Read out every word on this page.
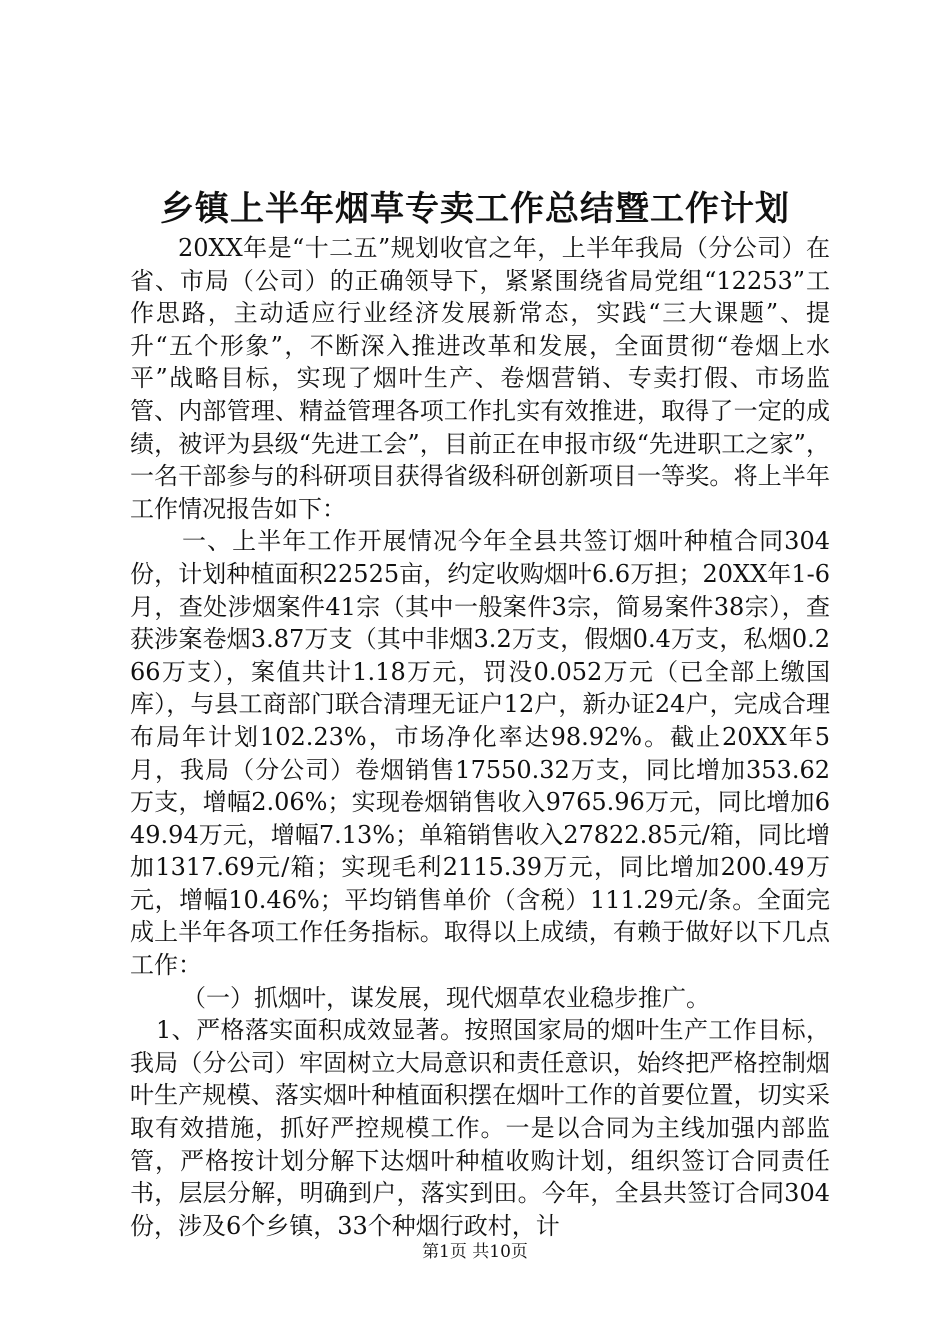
乡镇上半年烟草专卖工作总结暨工作计划

20XX年是“十二五”规划收官之年，上半年我局（分公司）在省、市局（公司）的正确领导下，紧紧围绕省局党组“12253”工作思路，主动适应行业经济发展新常态，实践“三大课题”、提升“五个形象”，不断深入推进改革和发展，全面贯彻“卷烟上水平”战略目标，实现了烟叶生产、卷烟营销、专卖打假、市场监管、内部管理、精益管理各项工作扎实有效推进，取得了一定的成绩，被评为县级“先进工会”，目前正在申报市级“先进职工之家”，一名干部参与的科研项目获得省级科研创新项目一等奖。将上半年工作情况报告如下：

一、上半年工作开展情况今年全县共签订烟叶种植合同304份，计划种植面积22525亩，约定收购烟叶6.6万担；20XX年1-6月，查处涉烟案件41宗（其中一般案件3宗，简易案件38宗），查获涉案卷烟3.87万支（其中非烟3.2万支，假烟0.4万支，私烟0.266万支），案值共计1.18万元，罚没0.052万元（已全部上缴国库），与县工商部门联合清理无证户12户，新办证24户，完成合理布局年计划102.23%，市场净化率达98.92%。截止20XX年5月，我局（分公司）卷烟销售17550.32万支，同比增加353.62万支，增幅2.06%；实现卷烟销售收入9765.96万元，同比增加649.94万元，增幅7.13%；单箱销售收入27822.85元/箱，同比增加1317.69元/箱；实现毛利2115.39万元，同比增加200.49万元，增幅10.46%；平均销售单价（含税）111.29元/条。全面完成上半年各项工作任务指标。取得以上成绩，有赖于做好以下几点工作：

（一）抓烟叶，谋发展，现代烟草农业稳步推广。

1、严格落实面积成效显著。按照国家局的烟叶生产工作目标，我局（分公司）牢固树立大局意识和责任意识，始终把严格控制烟叶生产规模、落实烟叶种植面积摆在烟叶工作的首要位置，切实采取有效措施，抓好严控规模工作。一是以合同为主线加强内部监管，严格按计划分解下达烟叶种植收购计划，组织签订合同责任书，层层分解，明确到户，落实到田。今年，全县共签订合同304份，涉及6个乡镇，33个种烟行政村，计

第1页 共10页
